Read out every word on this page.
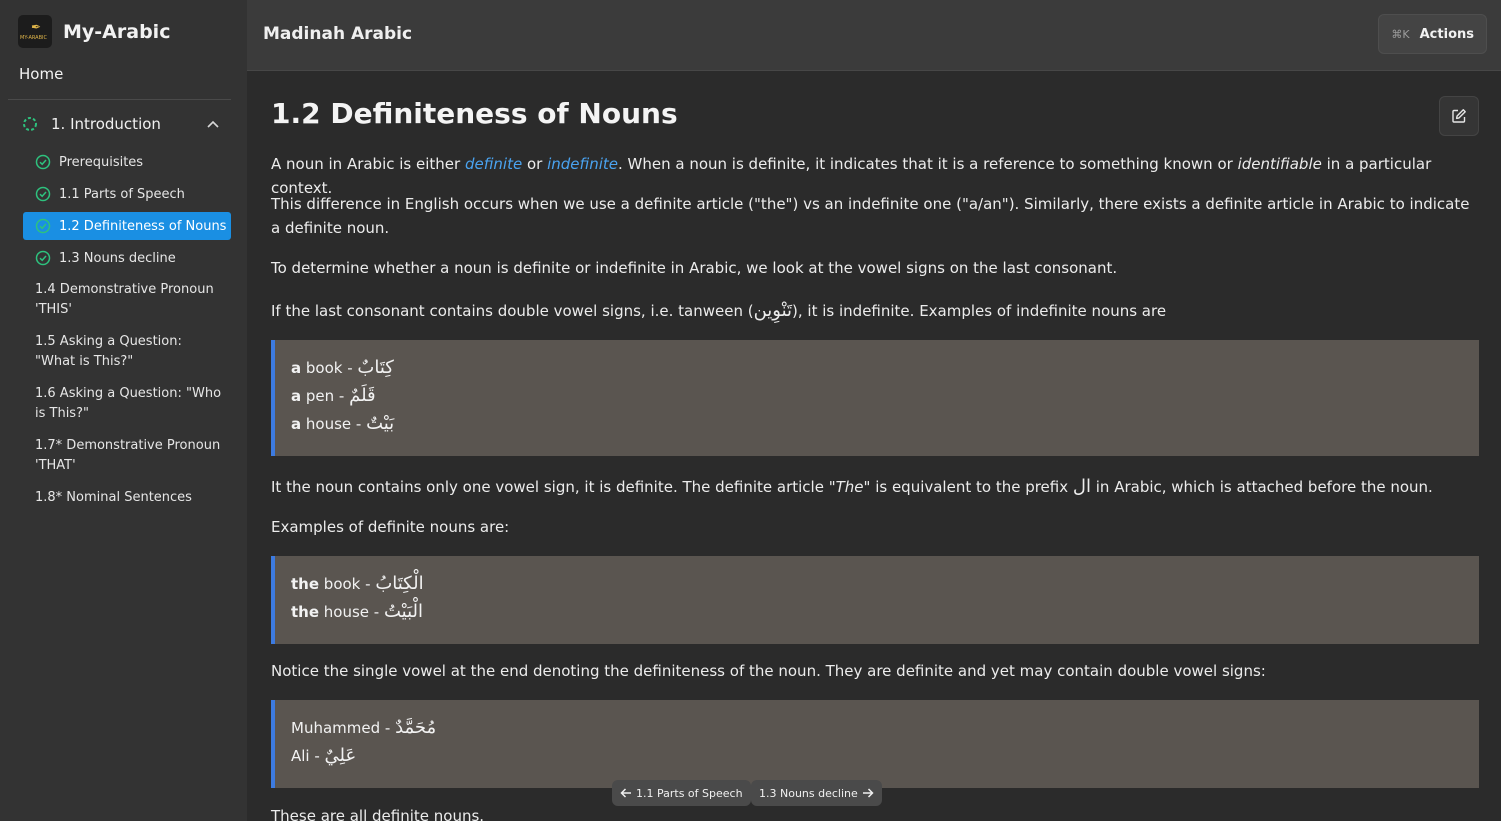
✒
MY-ARABIC My-Arabic
Home
1. Introduction
Prerequisites
1.1 Parts of Speech
1.2 Definiteness of Nouns
1.3 Nouns decline
1.4 Demonstrative Pronoun 'THIS'
1.5 Asking a Question: "What is This?"
1.6 Asking a Question: "Who is This?"
1.7* Demonstrative Pronoun 'THAT'
1.8* Nominal Sentences
Madinah Arabic	⌘K Actions
1.2 Definiteness of Nouns

A noun in Arabic is either definite or indefinite. When a noun is definite, it indicates that it is a reference to something known or identifiable in a particular context.

This difference in English occurs when we use a definite article ("the") vs an indefinite one ("a/an"). Similarly, there exists a definite article in Arabic to indicate a definite noun.

To determine whether a noun is definite or indefinite in Arabic, we look at the vowel signs on the last consonant.

If the last consonant contains double vowel signs, i.e. tanween (تَنْوِين), it is indefinite. Examples of indefinite nouns are

a book - كِتَابٌ
a pen - قَلَمٌ
a house - بَيْتٌ

It the noun contains only one vowel sign, it is definite. The definite article "The" is equivalent to the prefix ال in Arabic, which is attached before the noun.

Examples of definite nouns are:

the book - الْكِتَابُ
the house - الْبَيْتُ

Notice the single vowel at the end denoting the definiteness of the noun. They are definite and yet may contain double vowel signs:

Muhammed - مُحَمَّدٌ
Ali - عَلِيٌ

These are all definite nouns.

1.1 Parts of Speech 1.3 Nouns decline
